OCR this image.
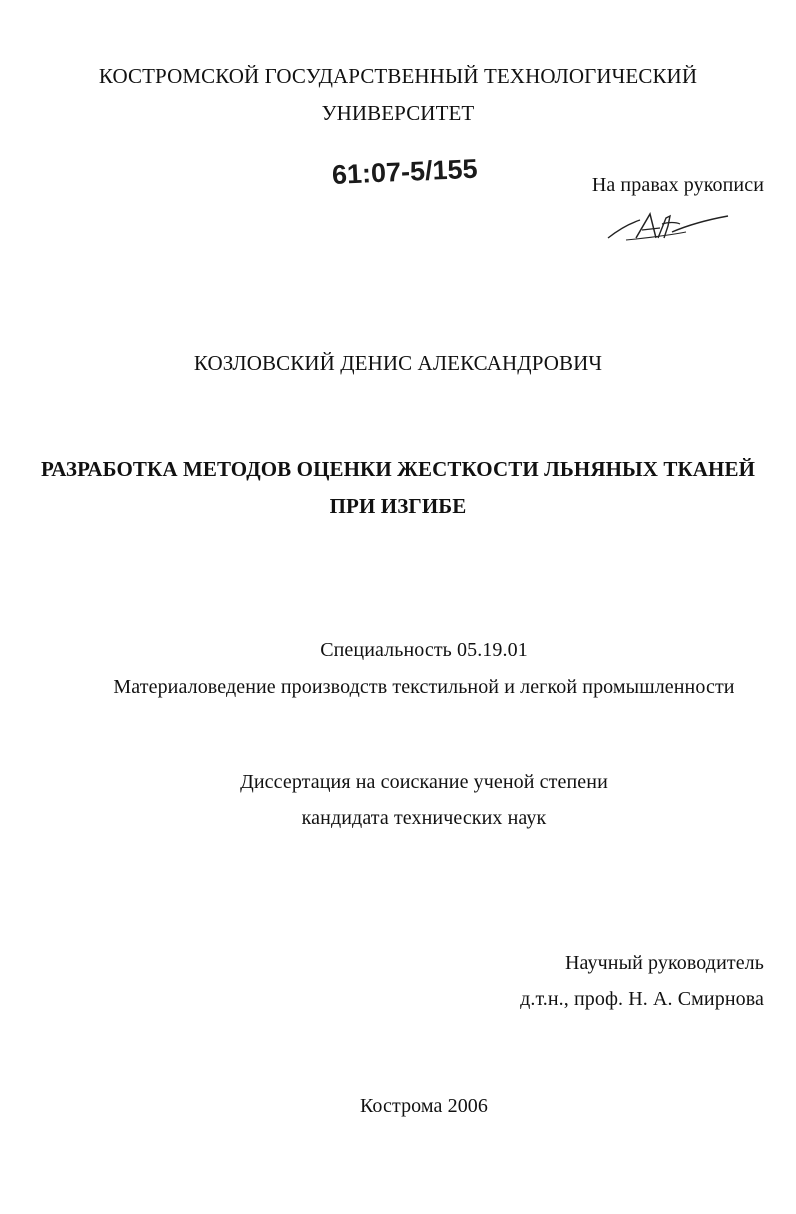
КОСТРОМСКОЙ ГОСУДАРСТВЕННЫЙ ТЕХНОЛОГИЧЕСКИЙ
УНИВЕРСИТЕТ
61:07-5/155	На правах рукописи
КОЗЛОВСКИЙ ДЕНИС АЛЕКСАНДРОВИЧ
РАЗРАБОТКА МЕТОДОВ ОЦЕНКИ ЖЕСТКОСТИ ЛЬНЯНЫХ ТКАНЕЙ
ПРИ ИЗГИБЕ
Специальность 05.19.01
Материаловедение производств текстильной и легкой промышленности
Диссертация на соискание ученой степени
кандидата технических наук
Научный руководитель
д.т.н., проф. Н. А. Смирнова
Кострома 2006
